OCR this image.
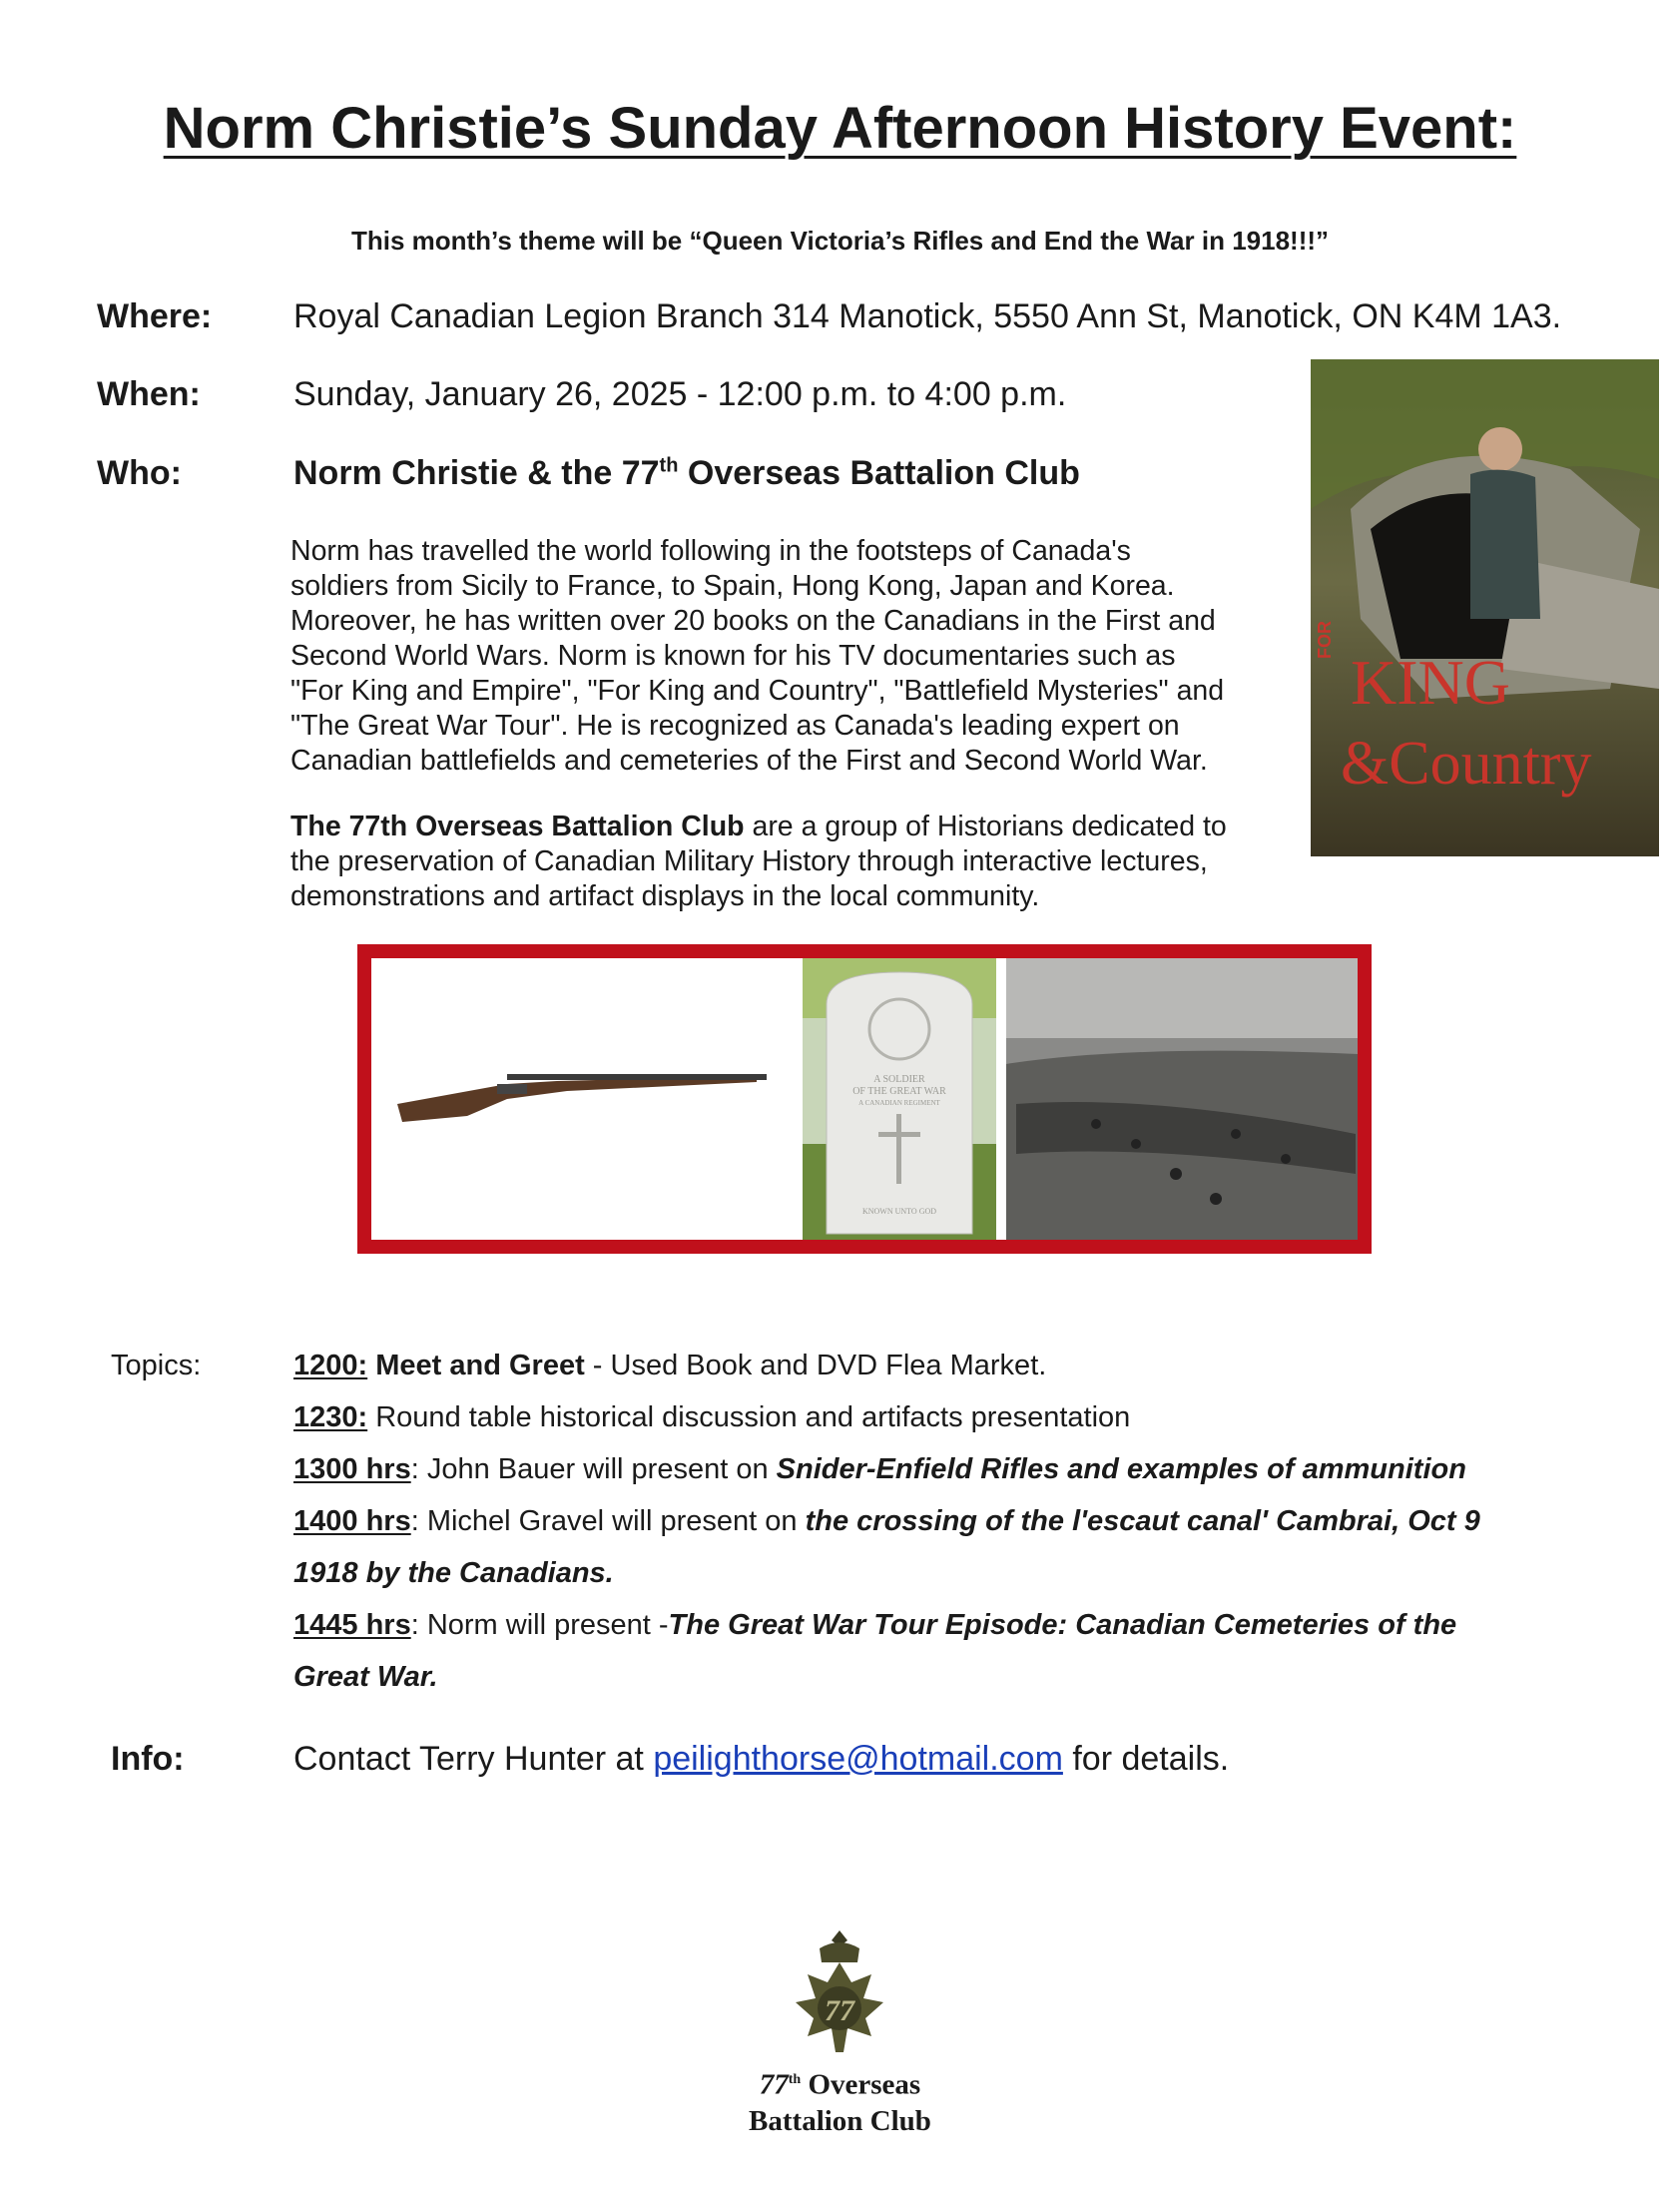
Norm Christie’s Sunday Afternoon History Event:
This month’s theme will be “Queen Victoria’s Rifles and End the War in 1918!!!”
Where: Royal Canadian Legion Branch 314 Manotick, 5550 Ann St, Manotick, ON K4M 1A3.
When:	Sunday, January 26, 2025 - 12:00 p.m. to 4:00 p.m.
Who:	Norm Christie & the 77th Overseas Battalion Club

Norm has travelled the world following in the footsteps of Canada's

soldiers from Sicily to France, to Spain, Hong Kong, Japan and Korea.

Moreover, he has written over 20 books on the Canadians in the First and

Second World Wars. Norm is known for his TV documentaries such as

"For King and Empire", "For King and Country", "Battlefield Mysteries" and

"The Great War Tour". He is recognized as Canada's leading expert on

Canadian battlefields and cemeteries of the First and Second World War.

The 77th Overseas Battalion Club are a group of Historians dedicated to

the preservation of Canadian Military History through interactive lectures,

demonstrations and artifact displays in the local community.

FOR
KING
&Country
A SOLDIER
OF THE GREAT WAR
A CANADIAN REGIMENT
KNOWN UNTO GOD
Topics:	1200: Meet and Greet - Used Book and DVD Flea Market.
1230: Round table historical discussion and artifacts presentation
1300 hrs: John Bauer will present on Snider-Enfield Rifles and examples of ammunition
1400 hrs: Michel Gravel will present on the crossing of the l'escaut canal' Cambrai, Oct 9
1918 by the Canadians.
1445 hrs: Norm will present -The Great War Tour Episode: Canadian Cemeteries of the
Great War.
Info:	Contact Terry Hunter at peilighthorse@hotmail.com for details.
77
77th Overseas
Battalion Club
